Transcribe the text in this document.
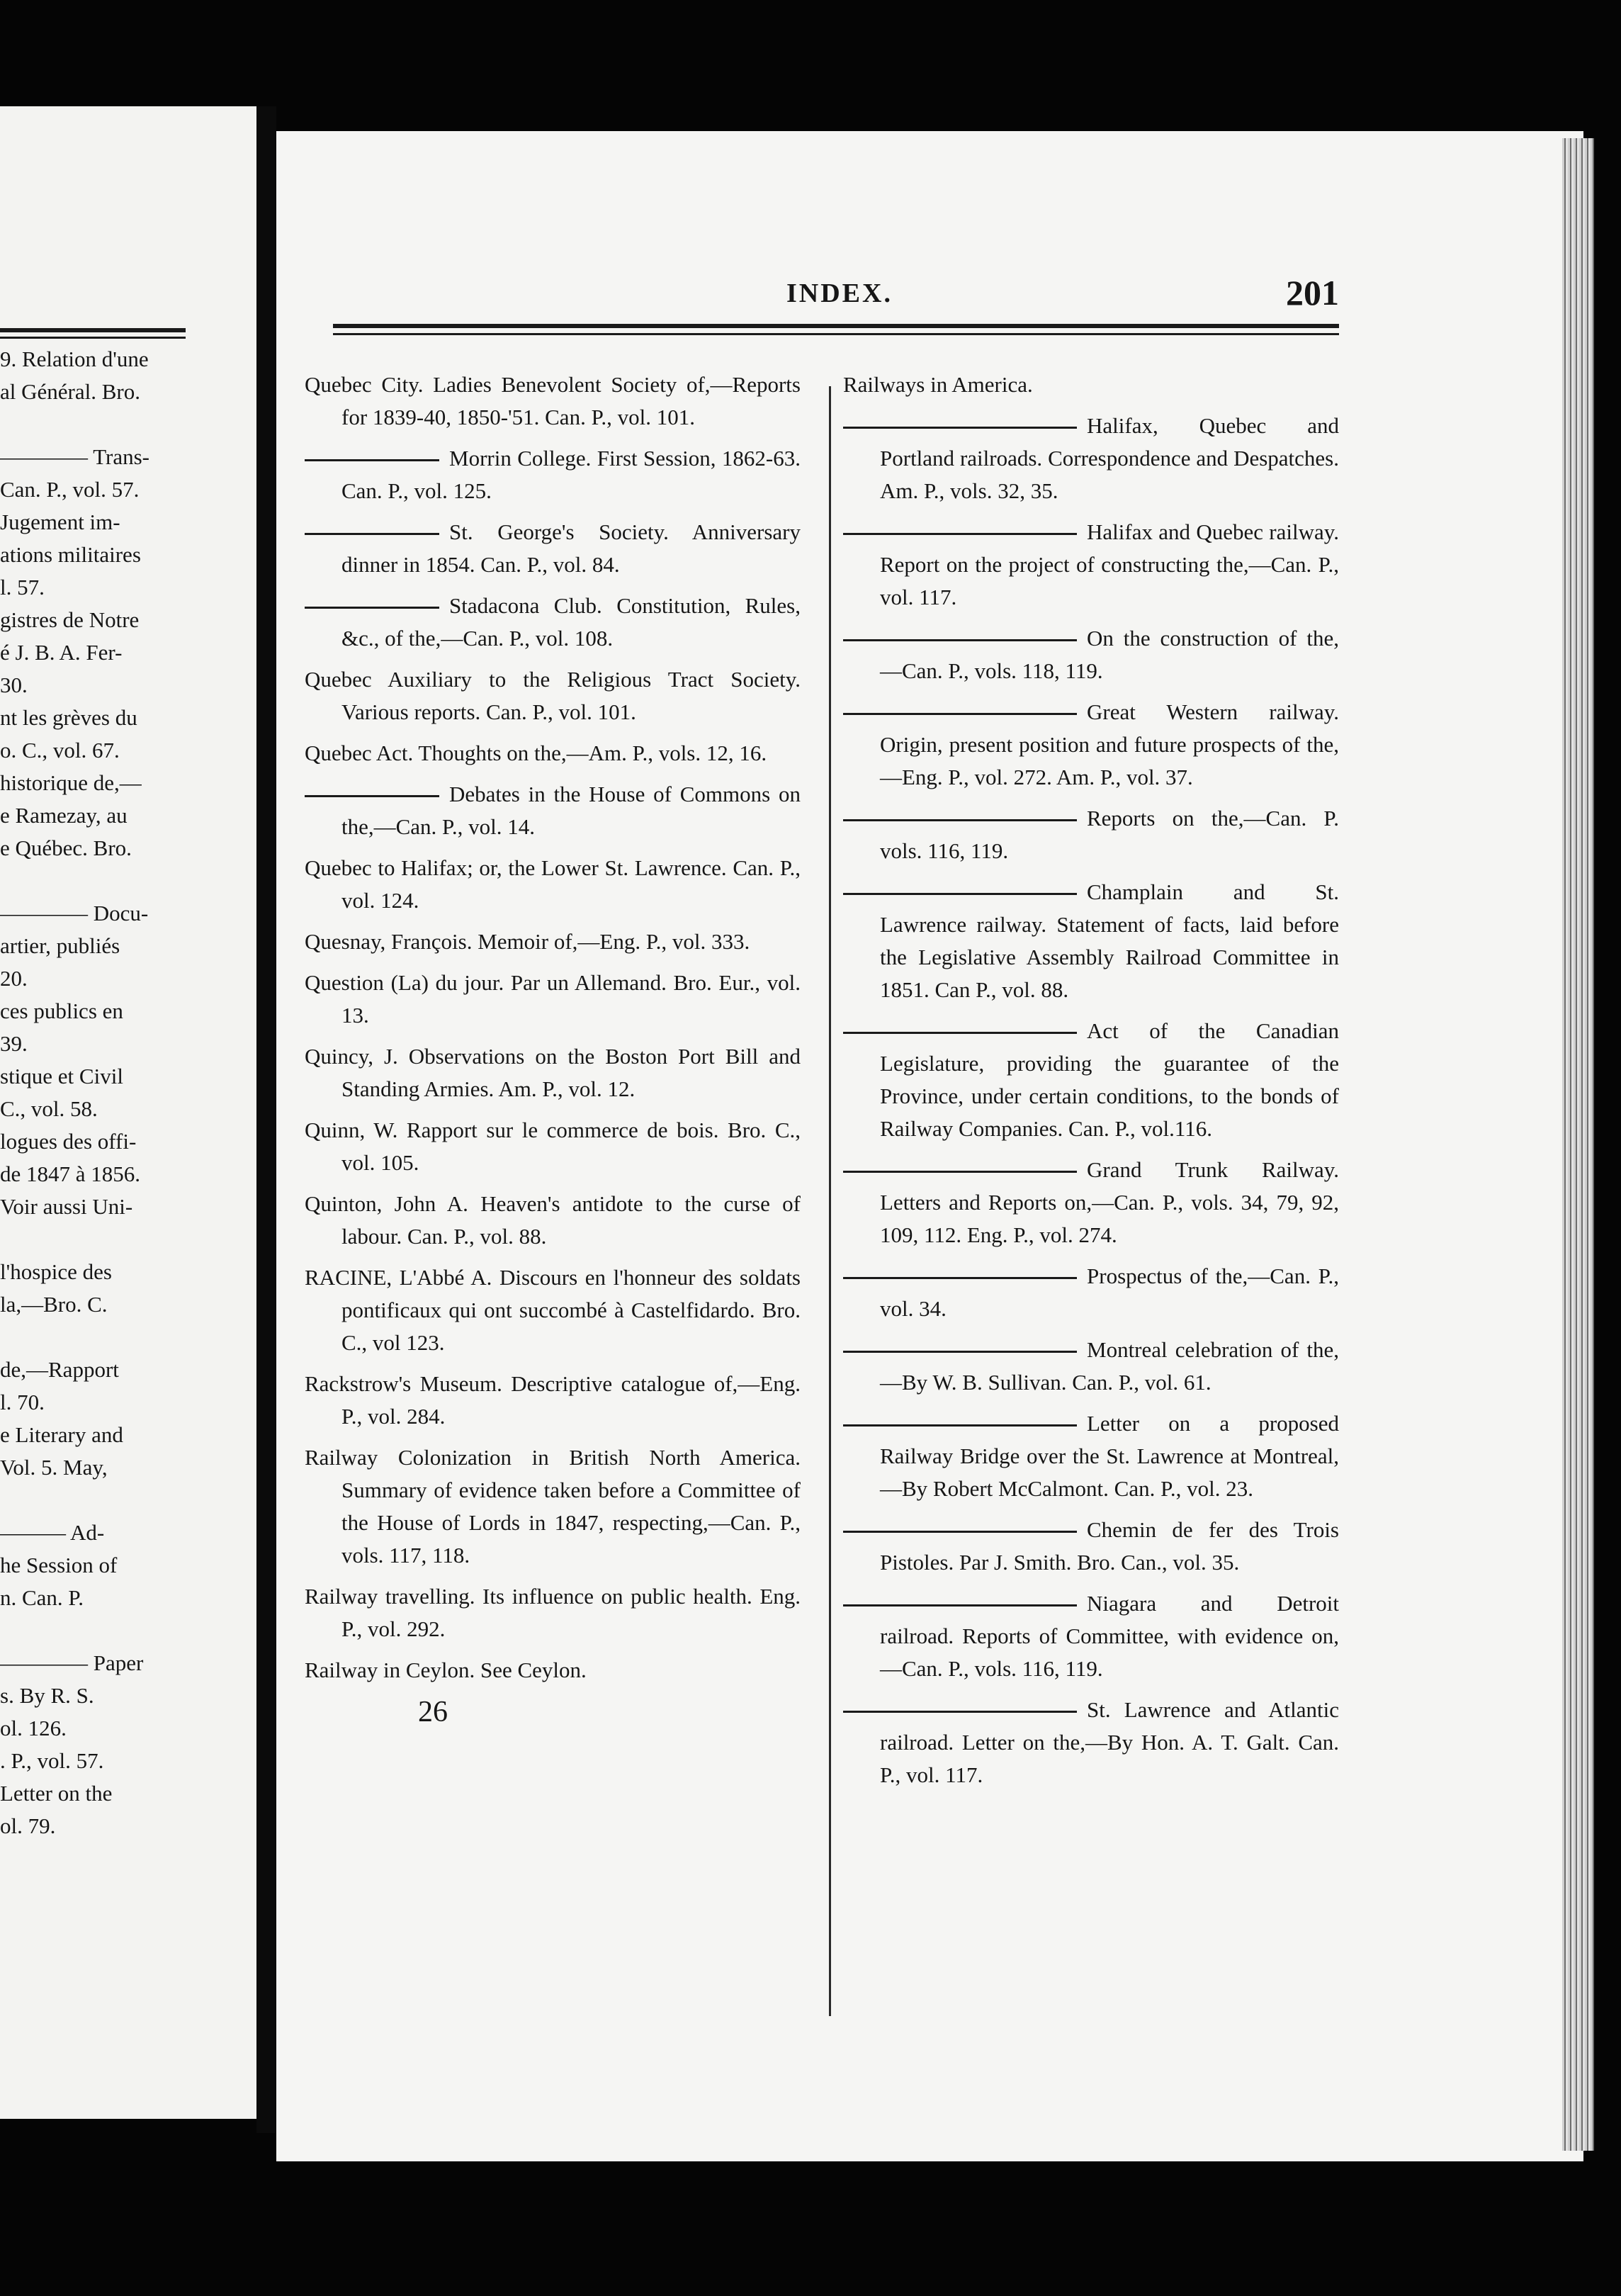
9. Relation d'une
al Général. Bro.
———— Trans-
Can. P., vol. 57.
Jugement im-
ations militaires
l. 57.
gistres de Notre
é J. B. A. Fer-
30.
nt les grèves du
o. C., vol. 67.
historique de,—
e Ramezay, au
e Québec. Bro.
———— Docu-
artier, publiés
20.
ces publics en
39.
stique et Civil
C., vol. 58.
logues des offi-
de 1847 à 1856.
Voir aussi Uni-
l'hospice des
la,—Bro. C.
de,—Rapport
l. 70.
e Literary and
Vol. 5. May,
——— Ad-
he Session of
n. Can. P.
———— Paper
s. By R. S.
ol. 126.
. P., vol. 57.
Letter on the
ol. 79.
INDEX.	201
Quebec City. Ladies Benevolent Society of,—Reports for 1839-40, 1850-'51. Can. P., vol. 101.
Morrin College. First Session, 1862-63. Can. P., vol. 125.
St. George's Society. Anniversary dinner in 1854. Can. P., vol. 84.
Stadacona Club. Constitution, Rules, &c., of the,—Can. P., vol. 108.
Quebec Auxiliary to the Religious Tract Society. Various reports. Can. P., vol. 101.
Quebec Act. Thoughts on the,—Am. P., vols. 12, 16.
Debates in the House of Commons on the,—Can. P., vol. 14.
Quebec to Halifax; or, the Lower St. Lawrence. Can. P., vol. 124.
Quesnay, François. Memoir of,—Eng. P., vol. 333.
Question (La) du jour. Par un Allemand. Bro. Eur., vol. 13.
Quincy, J. Observations on the Boston Port Bill and Standing Armies. Am. P., vol. 12.
Quinn, W. Rapport sur le commerce de bois. Bro. C., vol. 105.
Quinton, John A. Heaven's antidote to the curse of labour. Can. P., vol. 88.
RACINE, L'Abbé A. Discours en l'honneur des soldats pontificaux qui ont succombé à Castelfidardo. Bro. C., vol 123.
Rackstrow's Museum. Descriptive catalogue of,—Eng. P., vol. 284.
Railway Colonization in British North America. Summary of evidence taken before a Committee of the House of Lords in 1847, respecting,—Can. P., vols. 117, 118.
Railway travelling. Its influence on public health. Eng. P., vol. 292.
Railway in Ceylon. See Ceylon.
26
Railways in America.
Halifax, Quebec and Portland railroads. Correspondence and Despatches. Am. P., vols. 32, 35.
Halifax and Quebec railway. Report on the project of constructing the,—Can. P., vol. 117.
On the construction of the,—Can. P., vols. 118, 119.
Great Western railway. Origin, present position and future prospects of the,—Eng. P., vol. 272. Am. P., vol. 37.
Reports on the,—Can. P. vols. 116, 119.
Champlain and St. Lawrence railway. Statement of facts, laid before the Legislative Assembly Railroad Committee in 1851. Can P., vol. 88.
Act of the Canadian Legislature, providing the guarantee of the Province, under certain conditions, to the bonds of Railway Companies. Can. P., vol.116.
Grand Trunk Railway. Letters and Reports on,—Can. P., vols. 34, 79, 92, 109, 112. Eng. P., vol. 274.
Prospectus of the,—Can. P., vol. 34.
Montreal celebration of the,—By W. B. Sullivan. Can. P., vol. 61.
Letter on a proposed Railway Bridge over the St. Lawrence at Montreal,—By Robert McCalmont. Can. P., vol. 23.
Chemin de fer des Trois Pistoles. Par J. Smith. Bro. Can., vol. 35.
Niagara and Detroit railroad. Reports of Committee, with evidence on,—Can. P., vols. 116, 119.
St. Lawrence and Atlantic railroad. Letter on the,—By Hon. A. T. Galt. Can. P., vol. 117.
